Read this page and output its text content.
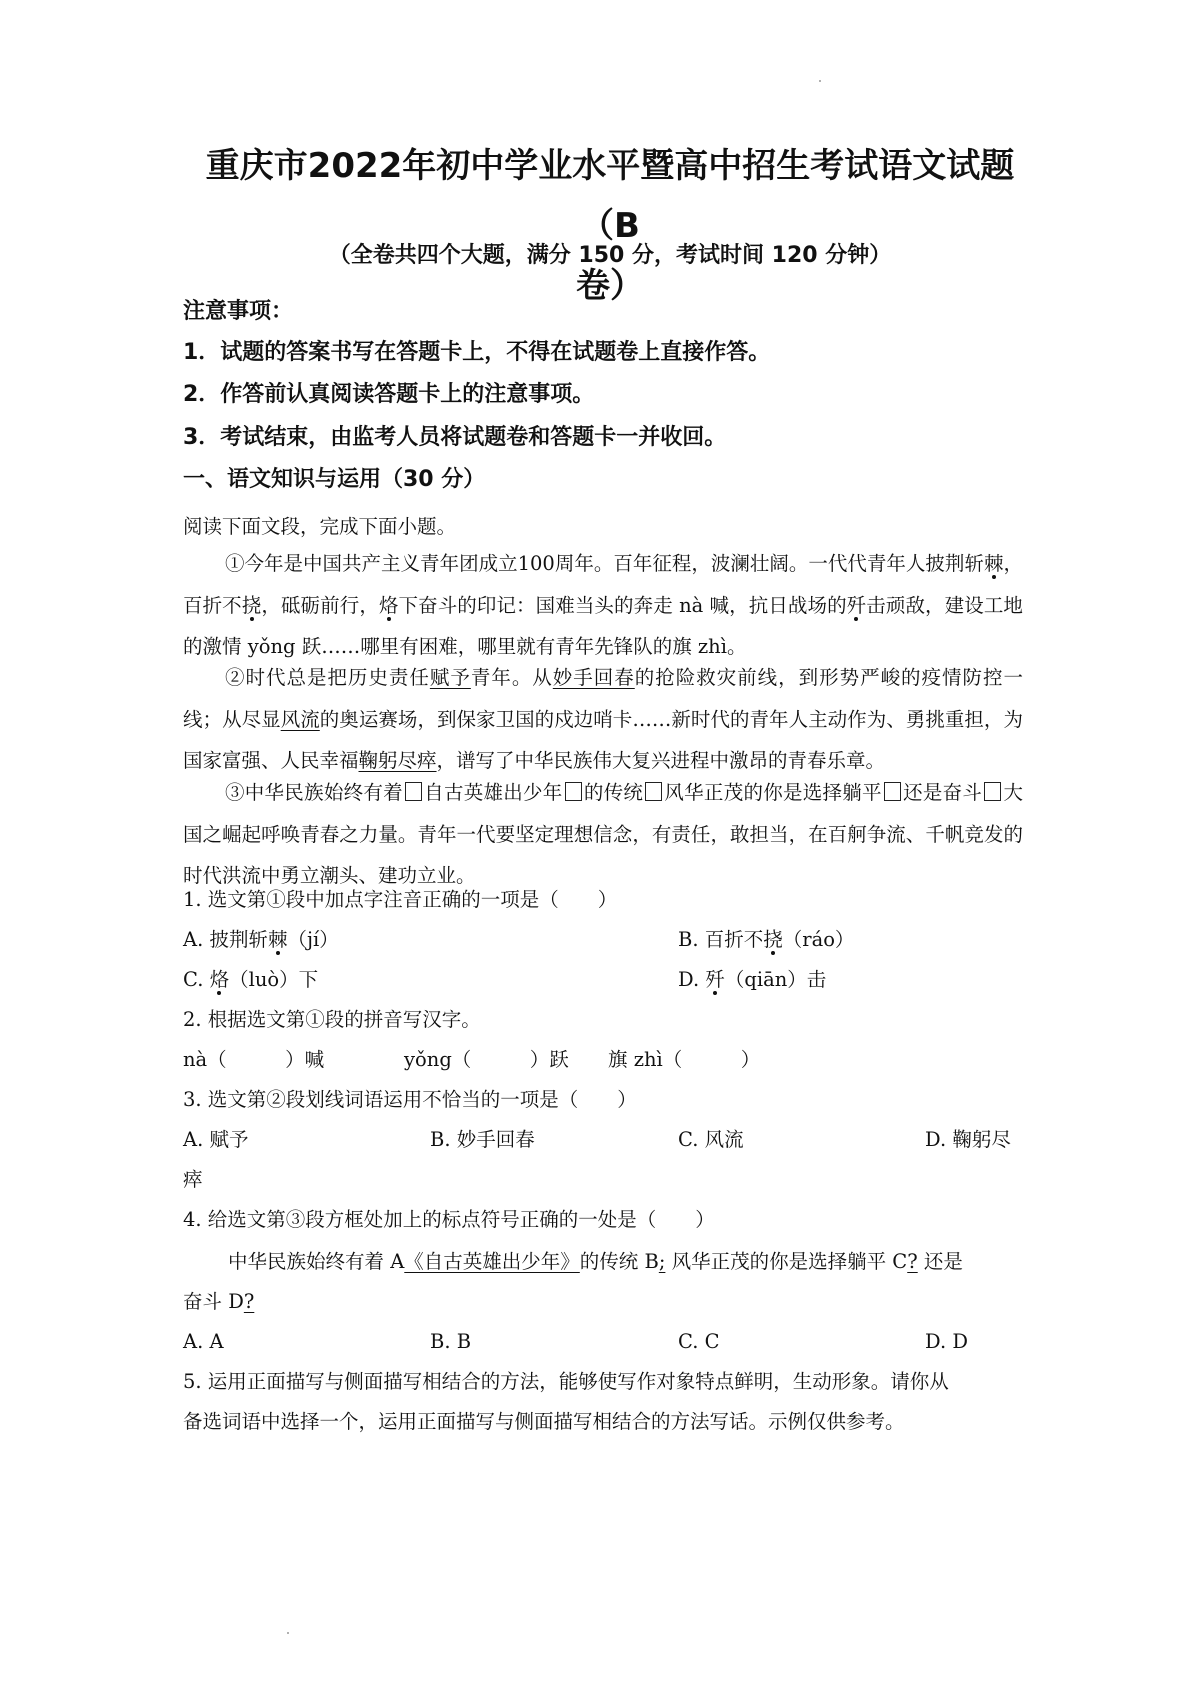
重庆市2022年初中学业水平暨高中招生考试语文试题（B
卷）
（全卷共四个大题，满分 150 分，考试时间 120 分钟）
注意事项：
1．试题的答案书写在答题卡上，不得在试题卷上直接作答。
2．作答前认真阅读答题卡上的注意事项。
3．考试结束，由监考人员将试题卷和答题卡一并收回。
一、语文知识与运用（30 分）
阅读下面文段，完成下面小题。
①今年是中国共产主义青年团成立100周年。百年征程，波澜壮阔。一代代青年人披荆斩棘，百折不挠，砥砺前行，烙下奋斗的印记：国难当头的奔走 nà 喊，抗日战场的歼击顽敌，建设工地的激情 yǒng 跃……哪里有困难，哪里就有青年先锋队的旗 zhì。
②时代总是把历史责任赋予青年。从妙手回春的抢险救灾前线，到形势严峻的疫情防控一线；从尽显风流的奥运赛场，到保家卫国的戍边哨卡……新时代的青年人主动作为、勇挑重担，为国家富强、人民幸福鞠躬尽瘁，谱写了中华民族伟大复兴进程中激昂的青春乐章。
③中华民族始终有着 自古英雄出少年 的传统 风华正茂的你是选择躺平 还是奋斗 大国之崛起呼唤青春之力量。青年一代要坚定理想信念，有责任，敢担当，在百舸争流、千帆竞发的时代洪流中勇立潮头、建功立业。
1. 选文第①段中加点字注音正确的一项是（　　）
A. 披荆斩棘（jí）	B. 百折不挠（ráo）
C. 烙（luò）下	D. 歼（qiān）击
2. 根据选文第①段的拼音写汉字。
nà（　　　）喊	yǒng（　　　）跃 旗 zhì（　　　）
3. 选文第②段划线词语运用不恰当的一项是（　　）
A. 赋予	B. 妙手回春	C. 风流	D. 鞠躬尽
瘁
4. 给选文第③段方框处加上的标点符号正确的一处是（　　）
中华民族始终有着 A《自古英雄出少年》的传统 B; 风华正茂的你是选择躺平 C? 还是
奋斗 D?
A. A	B. B	C. C	D. D
5. 运用正面描写与侧面描写相结合的方法，能够使写作对象特点鲜明，生动形象。请你从
备选词语中选择一个，运用正面描写与侧面描写相结合的方法写话。示例仅供参考。
